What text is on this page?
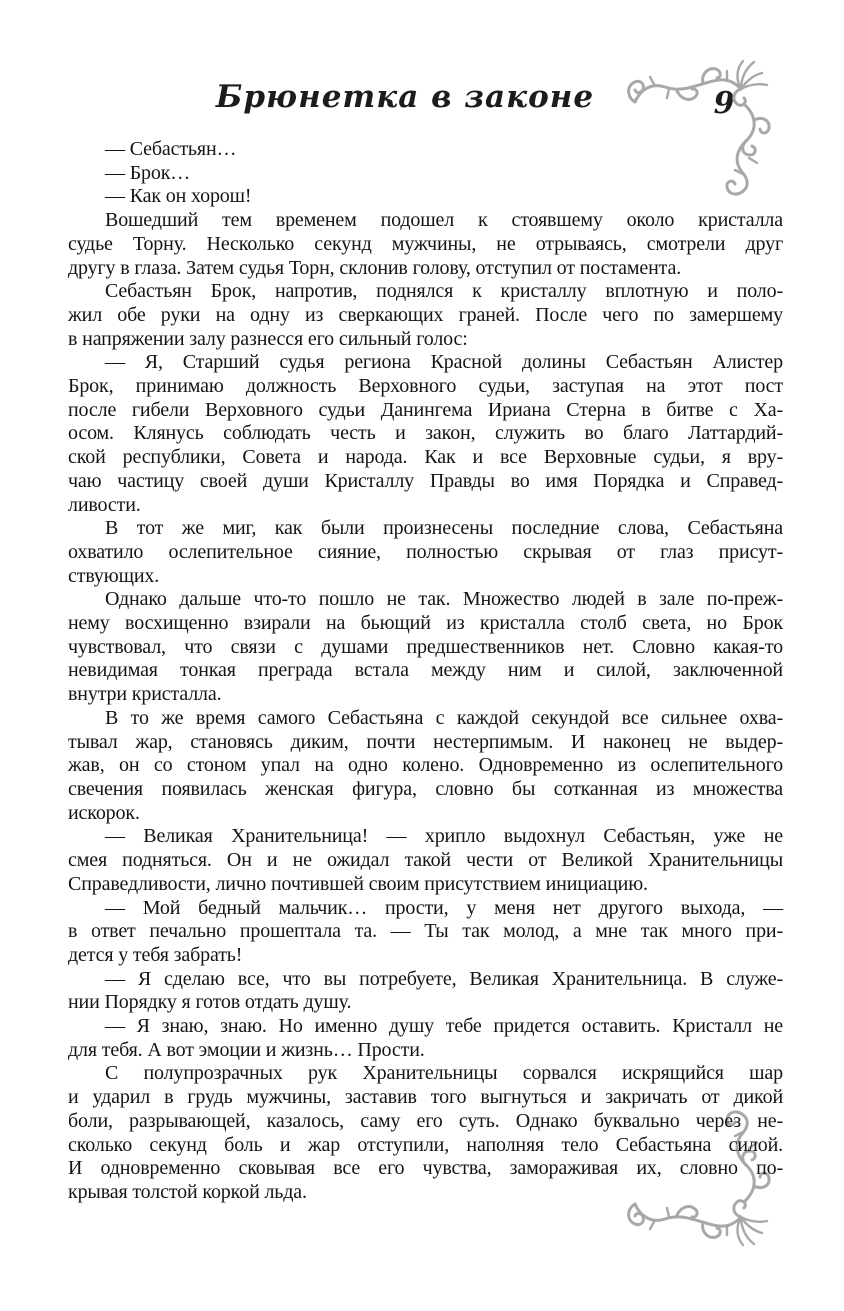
Брюнетка в законе	9
— Себастьян…
— Брок…
— Как он хорош!
Вошедший тем временем подошел к стоявшему около кристалла
судье Торну. Несколько секунд мужчины, не отрываясь, смотрели друг
другу в глаза. Затем судья Торн, склонив голову, отступил от постамента.
Себастьян Брок, напротив, поднялся к кристаллу вплотную и поло-
жил обе руки на одну из сверкающих граней. После чего по замершему
в напряжении залу разнесся его сильный голос:
— Я, Старший судья региона Красной долины Себастьян Алистер
Брок, принимаю должность Верховного судьи, заступая на этот пост
после гибели Верховного судьи Данингема Ириана Стерна в битве с Ха-
осом. Клянусь соблюдать честь и закон, служить во благо Латтардий-
ской республики, Совета и народа. Как и все Верховные судьи, я вру-
чаю частицу своей души Кристаллу Правды во имя Порядка и Справед-
ливости.
В тот же миг, как были произнесены последние слова, Себастьяна
охватило ослепительное сияние, полностью скрывая от глаз присут-
ствующих.
Однако дальше что-то пошло не так. Множество людей в зале по-преж-
нему восхищенно взирали на бьющий из кристалла столб света, но Брок
чувствовал, что связи с душами предшественников нет. Словно какая-то
невидимая тонкая преграда встала между ним и силой, заключенной
внутри кристалла.
В то же время самого Себастьяна с каждой секундой все сильнее охва-
тывал жар, становясь диким, почти нестерпимым. И наконец не выдер-
жав, он со стоном упал на одно колено. Одновременно из ослепительного
свечения появилась женская фигура, словно бы сотканная из множества
искорок.
— Великая Хранительница! — хрипло выдохнул Себастьян, уже не
смея подняться. Он и не ожидал такой чести от Великой Хранительницы
Справедливости, лично почтившей своим присутствием инициацию.
— Мой бедный мальчик… прости, у меня нет другого выхода, —
в ответ печально прошептала та. — Ты так молод, а мне так много при-
дется у тебя забрать!
— Я сделаю все, что вы потребуете, Великая Хранительница. В служе-
нии Порядку я готов отдать душу.
— Я знаю, знаю. Но именно душу тебе придется оставить. Кристалл не
для тебя. А вот эмоции и жизнь… Прости.
С полупрозрачных рук Хранительницы сорвался искрящийся шар
и ударил в грудь мужчины, заставив того выгнуться и закричать от дикой
боли, разрывающей, казалось, саму его суть. Однако буквально через не-
сколько секунд боль и жар отступили, наполняя тело Себастьяна силой.
И одновременно сковывая все его чувства, замораживая их, словно по-
крывая толстой коркой льда.
